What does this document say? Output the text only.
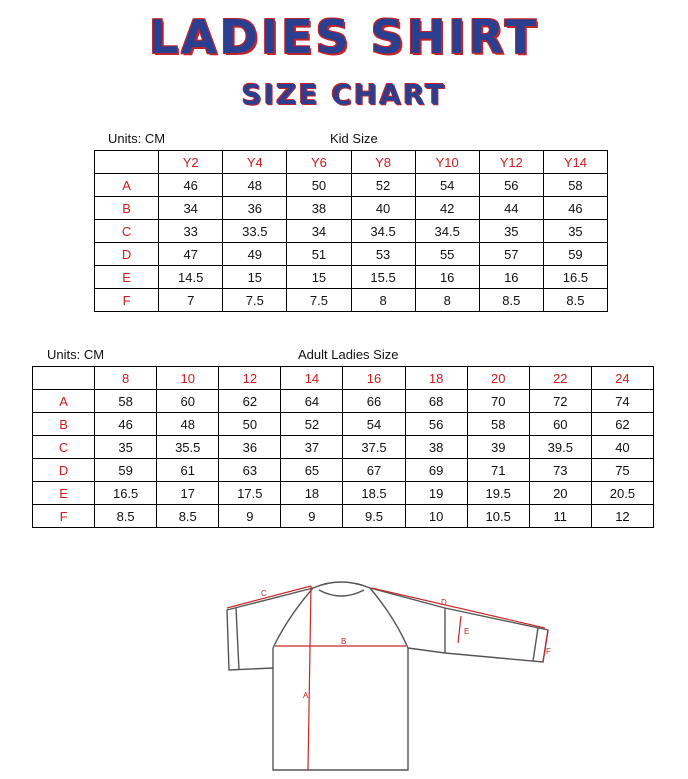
LADIES SHIRT
SIZE CHART
Units: CM	Kid Size
	Y2	Y4	Y6	Y8	Y10	Y12	Y14
A	46	48	50	52	54	56	58
B	34	36	38	40	42	44	46
C	33	33.5	34	34.5	34.5	35	35
D	47	49	51	53	55	57	59
E	14.5	15	15	15.5	16	16	16.5
F	7	7.5	7.5	8	8	8.5	8.5
Units: CM	Adult Ladies Size
	8	10	12	14	16	18	20	22	24
A	58	60	62	64	66	68	70	72	74
B	46	48	50	52	54	56	58	60	62
C	35	35.5	36	37	37.5	38	39	39.5	40
D	59	61	63	65	67	69	71	73	75
E	16.5	17	17.5	18	18.5	19	19.5	20	20.5
F	8.5	8.5	9	9	9.5	10	10.5	11	12
A
B
C
D
E
F
